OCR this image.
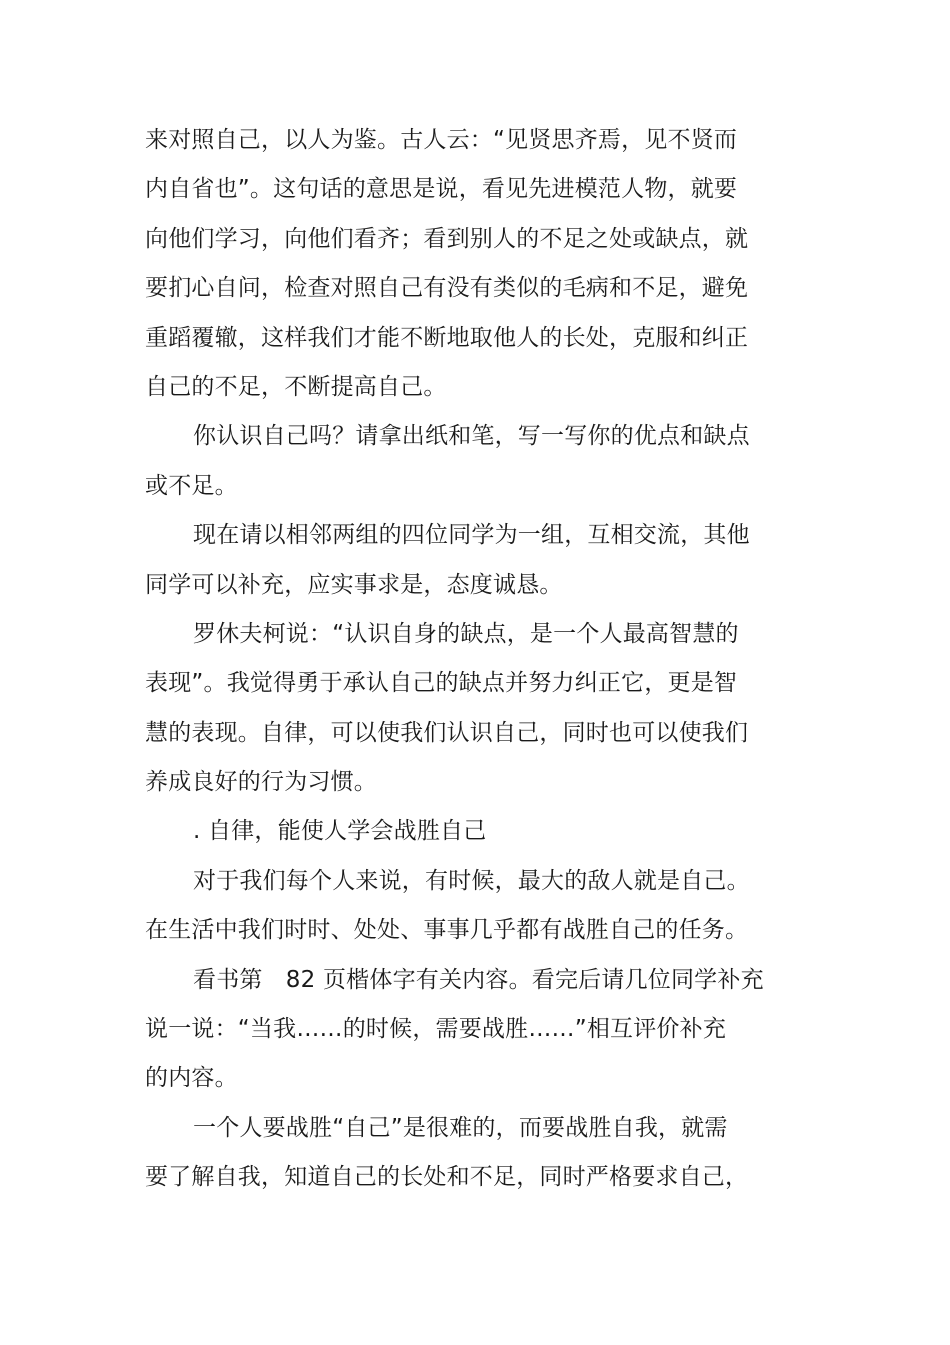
来对照自己，以人为鉴。古人云：“见贤思齐焉，见不贤而
内自省也”。这句话的意思是说，看见先进模范人物，就要
向他们学习，向他们看齐；看到别人的不足之处或缺点，就
要扪心自问，检查对照自己有没有类似的毛病和不足，避免
重蹈覆辙，这样我们才能不断地取他人的长处，克服和纠正
自己的不足，不断提高自己。
你认识自己吗？请拿出纸和笔，写一写你的优点和缺点
或不足。
现在请以相邻两组的四位同学为一组，互相交流，其他
同学可以补充，应实事求是，态度诚恳。
罗休夫柯说：“认识自身的缺点，是一个人最高智慧的
表现”。我觉得勇于承认自己的缺点并努力纠正它，更是智
慧的表现。自律，可以使我们认识自己，同时也可以使我们
养成良好的行为习惯。
. 自律，能使人学会战胜自己
对于我们每个人来说，有时候，最大的敌人就是自己。
在生活中我们时时、处处、事事几乎都有战胜自己的任务。
看书第　82 页楷体字有关内容。看完后请几位同学补充
说一说：“当我……的时候，需要战胜……”相互评价补充
的内容。
一个人要战胜“自己”是很难的，而要战胜自我，就需
要了解自我，知道自己的长处和不足，同时严格要求自己，
